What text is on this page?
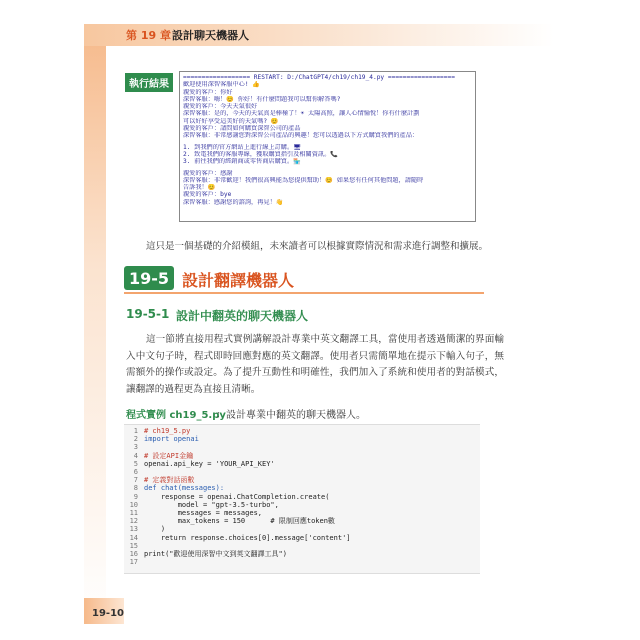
第 19 章 設計聊天機器人
執行結果
================== RESTART: D:/ChatGPT4/ch19/ch19_4.py ==================
歡迎使用深智客服中心! 👍
親愛的客戶：你好
深智客服：嗨！😊 你好！有什麼問題我可以幫你解答嗎?
親愛的客戶：今天天氣很好
深智客服：是的，今天的天氣真是棒極了！☀ 太陽高照，讓人心情愉悅！你有什麼計劃
可以好好享受這美好的天氣嗎? 😊
親愛的客戶：請問如何購買深智公司的產品
深智客服：非常感謝您對深智公司產品的興趣！您可以透過以下方式購買我們的產品：
1. 到我們的官方網站上進行線上訂購。🖥
2. 致電我們的客服專線，獲取購買指引及相關資訊。📞
3. 前往我們的經銷商或零售商店購買。🏪
親愛的客戶：感謝
深智客服：非常歡迎！我們很高興能為您提供幫助！😊 如果您有任何其他問題，請隨時
告訴我！😊
親愛的客戶：bye
深智客服：感謝您的諮詢，再見！👋
這只是一個基礎的介紹模組，未來讀者可以根據實際情況和需求進行調整和擴展。
19-5 設計翻譯機器人
19-5-1 設計中翻英的聊天機器人
這一節將直接用程式實例講解設計專業中英文翻譯工具，當使用者透過簡潔的界面輸入中文句子時，程式即時回應對應的英文翻譯。使用者只需簡單地在提示下輸入句子，無需額外的操作或設定。為了提升互動性和明確性，我們加入了系統和使用者的對話模式，讓翻譯的過程更為直接且清晰。
程式實例 ch19_5.py
：設計專業中翻英的聊天機器人。
1 # ch19_5.py
2 import openai
3
4 # 設定API金鑰
5 openai.api_key = 'YOUR_API_KEY'
6
7 # 定義對話函數
8 def chat(messages):
9 response = openai.ChatCompletion.create(
10 model = "gpt-3.5-turbo",
11 messages = messages,
12 max_tokens = 150      # 限制回應token數
13 )
14 return response.choices[0].message['content']
15
16 print("歡迎使用深智中文到英文翻譯工具")
17
19-10
